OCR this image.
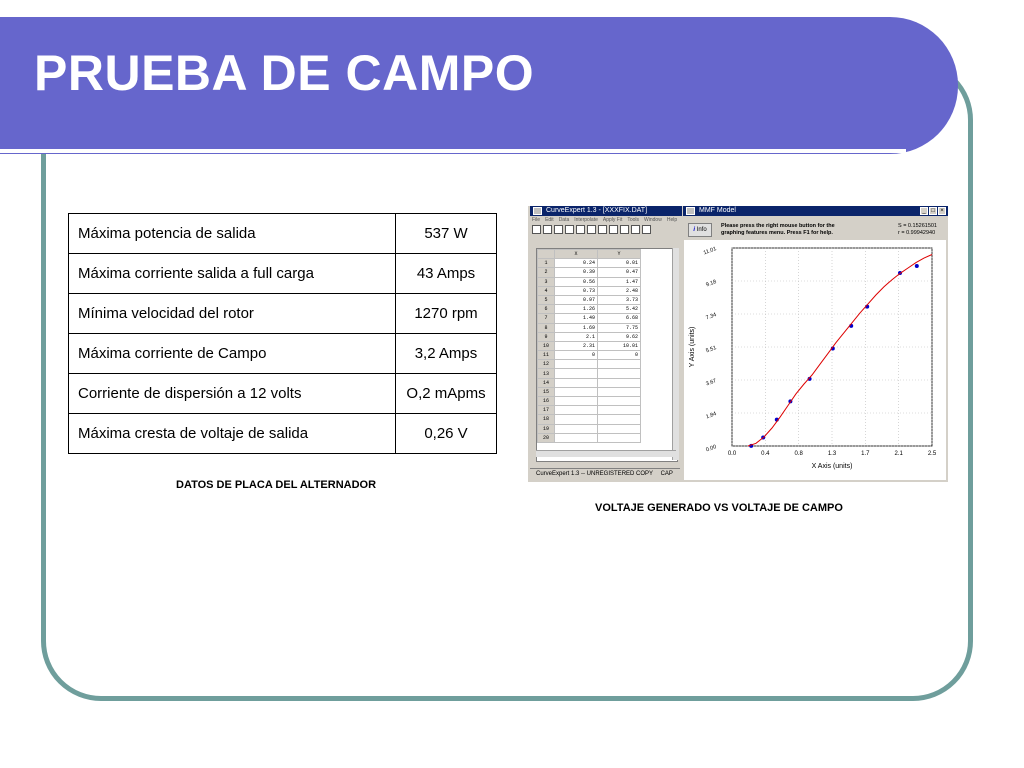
PRUEBA DE CAMPO
Máxima potencia de salida	537 W
Máxima corriente salida a full carga	43 Amps
Mínima velocidad del rotor	1270 rpm
Máxima corriente de Campo	3,2 Amps
Corriente de dispersión a 12 volts	O,2 mApms
Máxima cresta de voltaje de salida	0,26 V
DATOS DE PLACA DEL ALTERNADOR
CurveExpert 1.3 - [XXXFIX.DAT]
File Edit Data Interpolate Apply Fit Tools Window Help
	X	Y
1	0.24	0.01
2	0.39	0.47
3	0.56	1.47
4	0.73	2.48
5	0.97	3.73
6	1.26	5.42
7	1.49	6.68
8	1.69	7.75
9	2.1	9.62
10	2.31	10.01
11	0	0
12		
13		
14		
15		
16		
17		
18		
19		
20		
CurveExpert 1.3 -- UNREGISTERED COPY CAP
MMF Model	_ □ ×
i Info
Please press the right mouse button for the
graphing features menu. Press F1 for help.
S = 0.15261501
r = 0.99942940
0.0	0.4	0.8	1.3	1.7	2.1	2.5
0.00
1.84
3.67
5.51
7.34
9.18
11.01
X Axis (units)
Y Axis (units)
VOLTAJE GENERADO VS VOLTAJE DE CAMPO
